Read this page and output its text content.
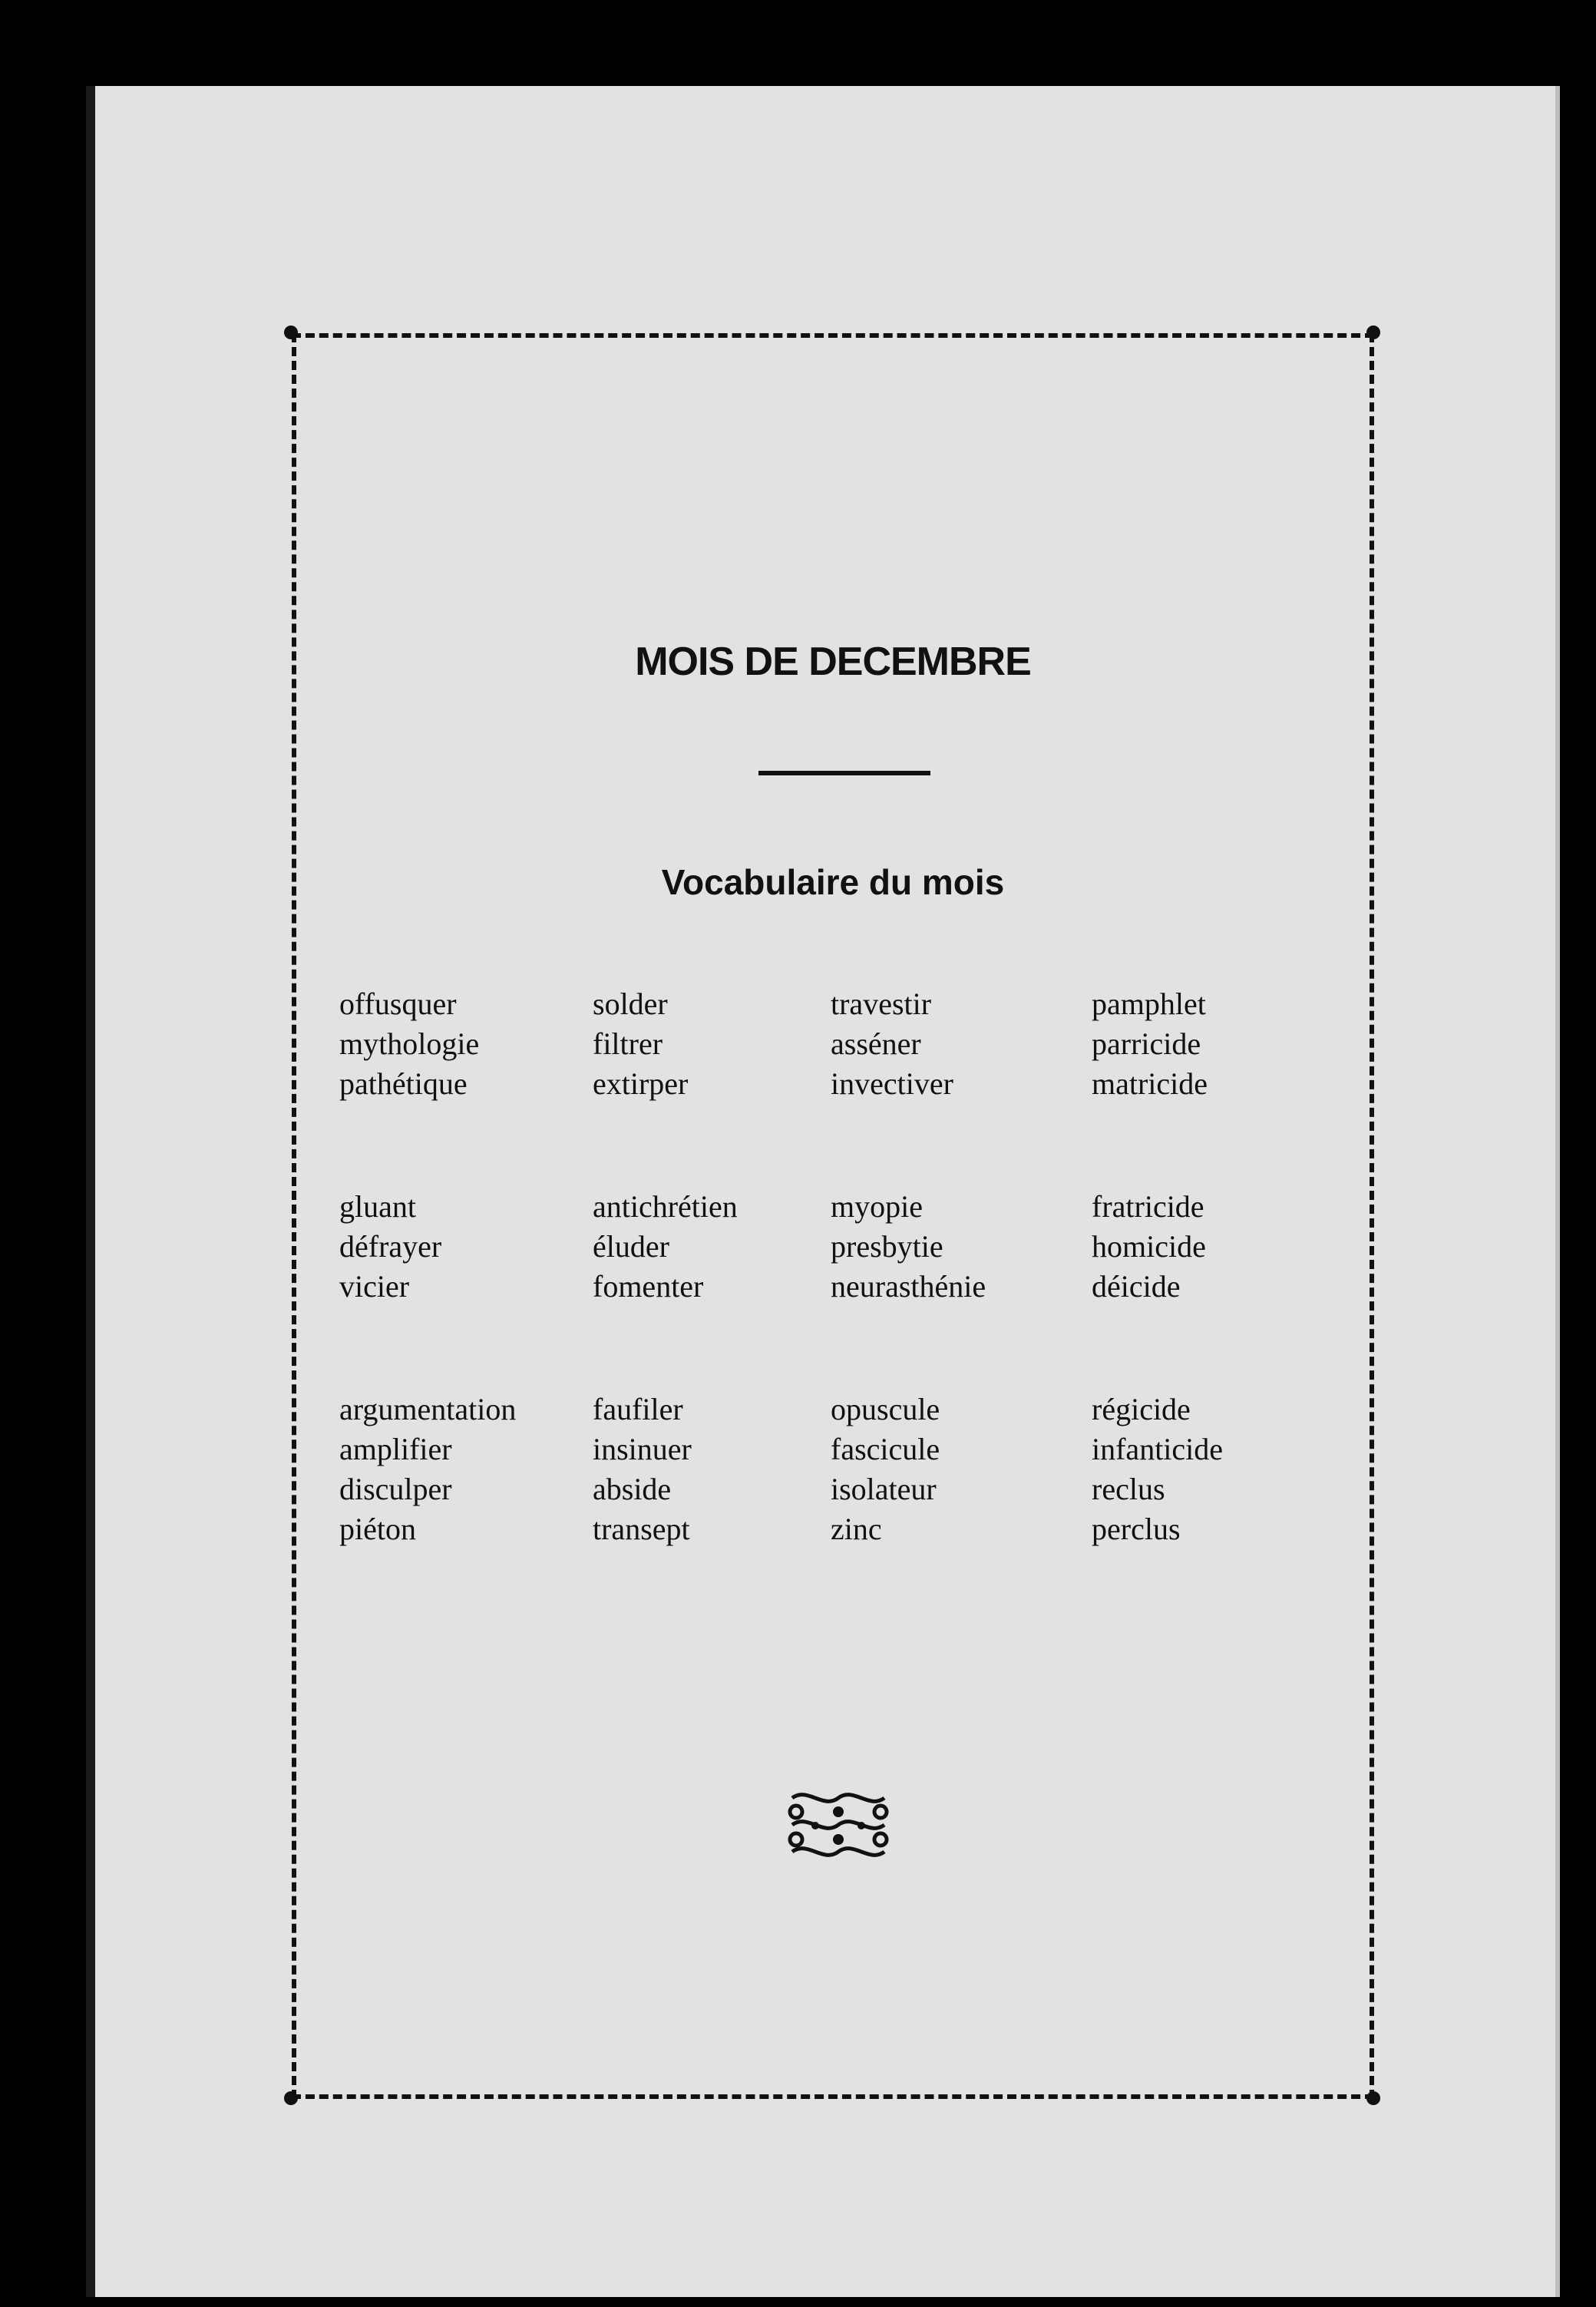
MOIS DE DECEMBRE
Vocabulaire du mois
offusquer
mythologie
pathétique
solder
filtrer
extirper
travestir
asséner
invectiver
pamphlet
parricide
matricide
gluant
défrayer
vicier
antichrétien
éluder
fomenter
myopie
presbytie
neurasthénie
fratricide
homicide
déicide
argumentation
amplifier
disculper
piéton
faufiler
insinuer
abside
transept
opuscule
fascicule
isolateur
zinc
régicide
infanticide
reclus
perclus
